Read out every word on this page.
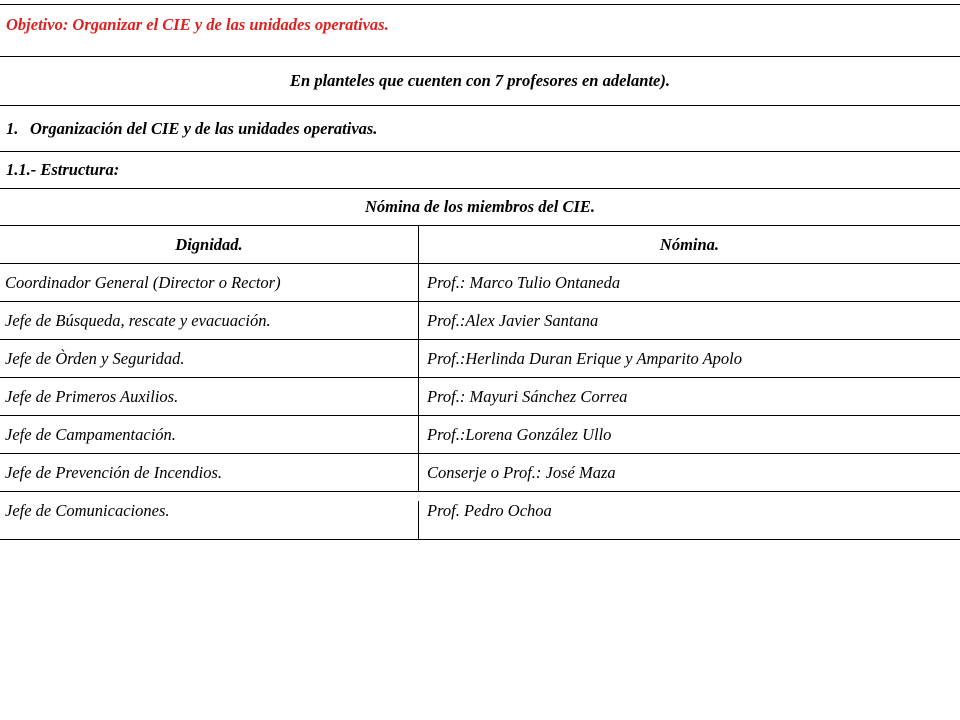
Objetivo: Organizar el CIE y de las unidades operativas.
En planteles que cuenten con 7 profesores en adelante).
1. Organización del CIE y de las unidades operativas.
1.1.- Estructura:
Nómina de los miembros del CIE.
Dignidad.	Nómina.
Coordinador General (Director o Rector)	Prof.: Marco Tulio Ontaneda
Jefe de Búsqueda, rescate y evacuación.	Prof.:Alex Javier Santana
Jefe de Òrden y Seguridad.	Prof.:Herlinda Duran Erique y Amparito Apolo
Jefe de Primeros Auxilios.	Prof.: Mayuri Sánchez Correa
Jefe de Campamentación.	Prof.:Lorena González Ullo
Jefe de Prevención de Incendios.	Conserje o Prof.: José Maza
Jefe de Comunicaciones.	Prof. Pedro Ochoa
